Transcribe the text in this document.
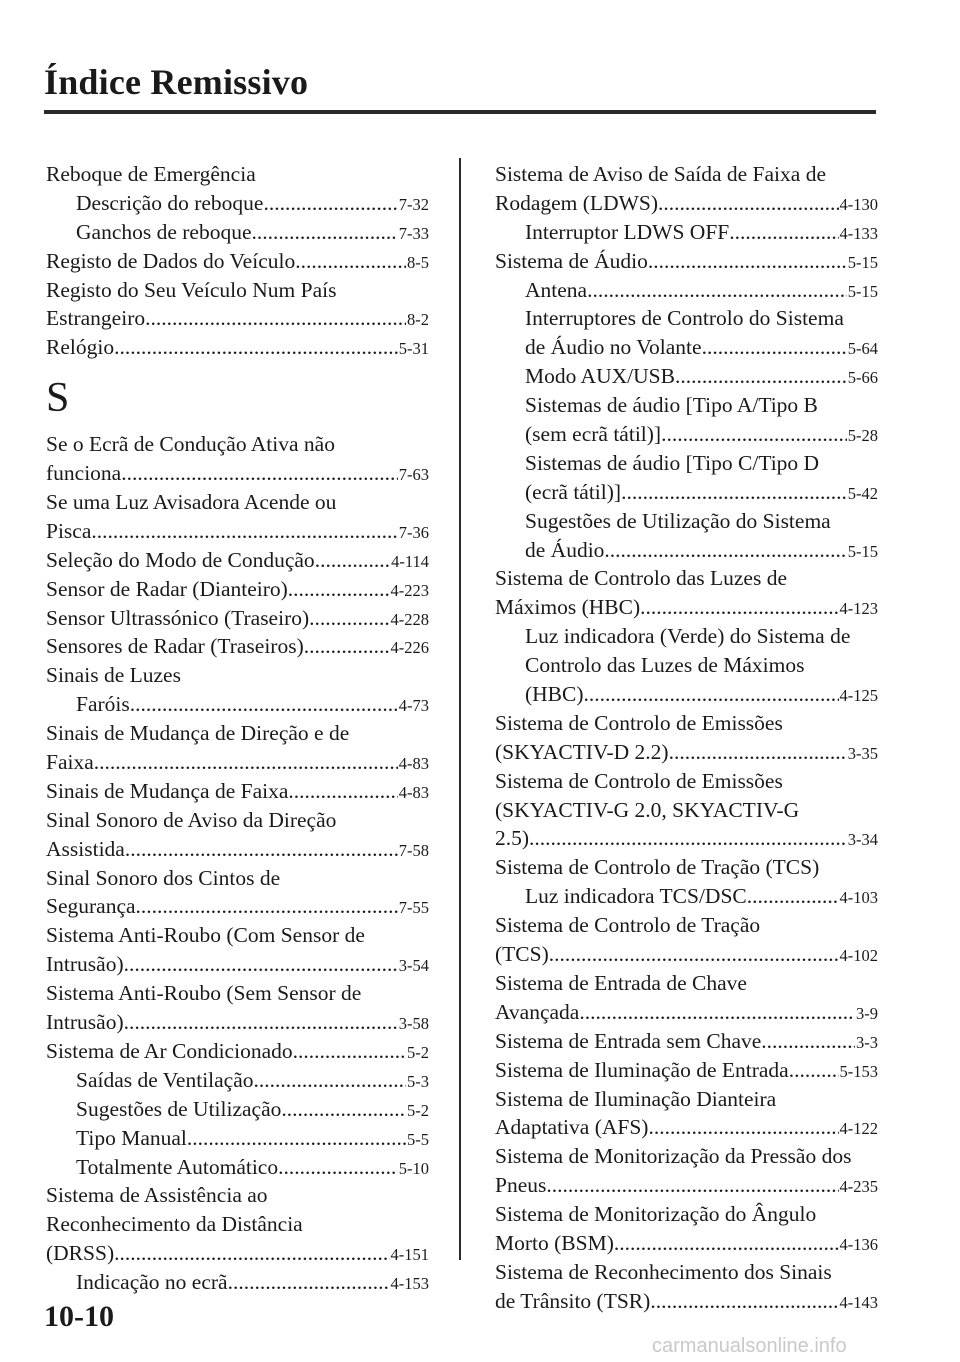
Índice Remissivo
Reboque de Emergência
Descrição do reboque .....	7-32
Ganchos de reboque .....	7-33
Registo de Dados do Veículo .....	8-5
Registo do Seu Veículo Num País
Estrangeiro .....	8-2
Relógio .....	5-31
S
Se o Ecrã de Condução Ativa não
funciona .....	7-63
Se uma Luz Avisadora Acende ou
Pisca .....	7-36
Seleção do Modo de Condução .....	4-114
Sensor de Radar (Dianteiro) .....	4-223
Sensor Ultrassónico (Traseiro) .....	4-228
Sensores de Radar (Traseiros) .....	4-226
Sinais de Luzes
Faróis .....	4-73
Sinais de Mudança de Direção e de
Faixa .....	4-83
Sinais de Mudança de Faixa .....	4-83
Sinal Sonoro de Aviso da Direção
Assistida .....	7-58
Sinal Sonoro dos Cintos de
Segurança .....	7-55
Sistema Anti-Roubo (Com Sensor de
Intrusão) .....	3-54
Sistema Anti-Roubo (Sem Sensor de
Intrusão) .....	3-58
Sistema de Ar Condicionado .....	5-2
Saídas de Ventilação .....	5-3
Sugestões de Utilização .....	5-2
Tipo Manual .....	5-5
Totalmente Automático .....	5-10
Sistema de Assistência ao
Reconhecimento da Distância
(DRSS) .....	4-151
Indicação no ecrã .....	4-153
Sistema de Aviso de Saída de Faixa de
Rodagem (LDWS) .....	4-130
Interruptor LDWS OFF .....	4-133
Sistema de Áudio .....	5-15
Antena .....	5-15
Interruptores de Controlo do Sistema
de Áudio no Volante .....	5-64
Modo AUX/USB .....	5-66
Sistemas de áudio [Tipo A/Tipo B
(sem ecrã tátil)] .....	5-28
Sistemas de áudio [Tipo C/Tipo D
(ecrã tátil)] .....	5-42
Sugestões de Utilização do Sistema
de Áudio .....	5-15
Sistema de Controlo das Luzes de
Máximos (HBC) .....	4-123
Luz indicadora (Verde) do Sistema de
Controlo das Luzes de Máximos
(HBC) .....	4-125
Sistema de Controlo de Emissões
(SKYACTIV-D 2.2) .....	3-35
Sistema de Controlo de Emissões
(SKYACTIV-G 2.0, SKYACTIV-G
2.5) .....	3-34
Sistema de Controlo de Tração (TCS)
Luz indicadora TCS/DSC .....	4-103
Sistema de Controlo de Tração
(TCS) .....	4-102
Sistema de Entrada de Chave
Avançada .....	3-9
Sistema de Entrada sem Chave .....	3-3
Sistema de Iluminação de Entrada .....	5-153
Sistema de Iluminação Dianteira
Adaptativa (AFS) .....	4-122
Sistema de Monitorização da Pressão dos
Pneus .....	4-235
Sistema de Monitorização do Ângulo
Morto (BSM) .....	4-136
Sistema de Reconhecimento dos Sinais
de Trânsito (TSR) .....	4-143
10-10
carmanualsonline.info
